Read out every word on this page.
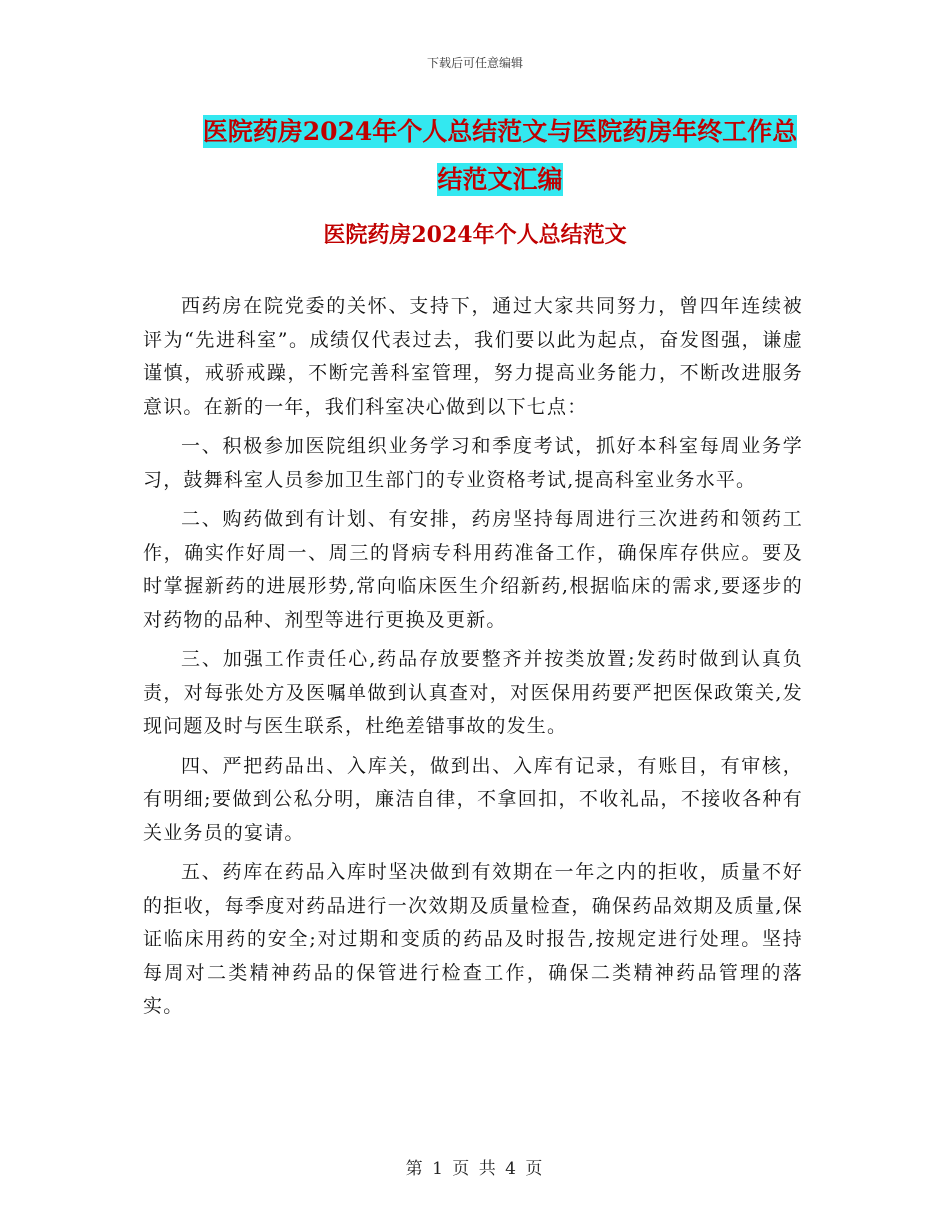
下载后可任意编辑
医院药房2024年个人总结范文与医院药房年终工作总
结范文汇编
医院药房2024年个人总结范文

西药房在院党委的关怀、支持下，通过大家共同努力，曾四年连续被评为“先进科室”。成绩仅代表过去，我们要以此为起点，奋发图强，谦虚谨慎，戒骄戒躁，不断完善科室管理，努力提高业务能力，不断改进服务意识。在新的一年，我们科室决心做到以下七点：

一、积极参加医院组织业务学习和季度考试，抓好本科室每周业务学习，鼓舞科室人员参加卫生部门的专业资格考试,提高科室业务水平。

二、购药做到有计划、有安排，药房坚持每周进行三次进药和领药工作，确实作好周一、周三的肾病专科用药准备工作，确保库存供应。要及时掌握新药的进展形势,常向临床医生介绍新药,根据临床的需求,要逐步的对药物的品种、剂型等进行更换及更新。

三、加强工作责任心,药品存放要整齐并按类放置;发药时做到认真负责，对每张处方及医嘱单做到认真查对，对医保用药要严把医保政策关,发现问题及时与医生联系，杜绝差错事故的发生。

四、严把药品出、入库关，做到出、入库有记录，有账目，有审核，有明细;要做到公私分明，廉洁自律，不拿回扣，不收礼品，不接收各种有关业务员的宴请。

五、药库在药品入库时坚决做到有效期在一年之内的拒收，质量不好的拒收，每季度对药品进行一次效期及质量检查，确保药品效期及质量,保证临床用药的安全;对过期和变质的药品及时报告,按规定进行处理。坚持每周对二类精神药品的保管进行检查工作，确保二类精神药品管理的落实。

第 1 页 共 4 页
